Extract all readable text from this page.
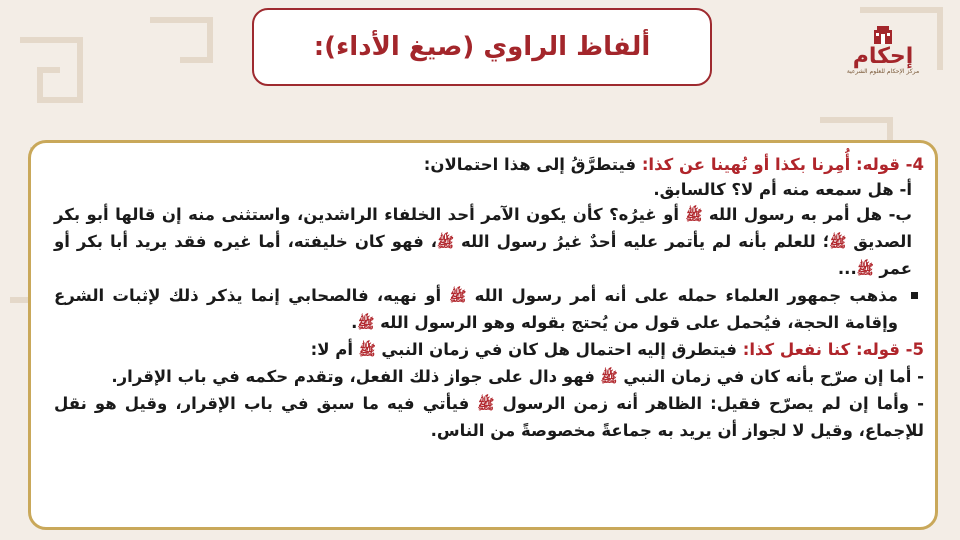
ألفاظ الراوي (صيغ الأداء):	إحكام
مركز الإحكام للعلوم الشرعية

4- قوله: أُمِرنا بكذا أو نُهينا عن كذا: فيتطرَّقُ إلى هذا احتمالان:

أ- هل سمعه منه أم لا؟ كالسابق.

ب- هل أمر به رسول الله ﷺ أو غيرُه؟ كأن يكون الآمر أحد الخلفاء الراشدين، واستثنى منه إن قالها أبو بكر الصديق ﷺ؛ للعلم بأنه لم يأتمر عليه أحدٌ غيرُ رسول الله ﷺ، فهو كان خليفته، أما غيره فقد يريد أبا بكر أو عمر ﷺ...

مذهب جمهور العلماء حمله على أنه أمر رسول الله ﷺ أو نهيه، فالصحابي إنما يذكر ذلك لإثبات الشرع وإقامة الحجة، فيُحمل على قول من يُحتج بقوله وهو الرسول الله ﷺ.

5- قوله: كنا نفعل كذا: فيتطرق إليه احتمال هل كان في زمان النبي ﷺ أم لا:

- أما إن صرّح بأنه كان في زمان النبي ﷺ فهو دال على جواز ذلك الفعل، وتقدم حكمه في باب الإقرار.

- وأما إن لم يصرّح فقيل: الظاهر أنه زمن الرسول ﷺ فيأتي فيه ما سبق في باب الإقرار، وقيل هو نقل للإجماع، وقيل لا لجواز أن يريد به جماعةً مخصوصةً من الناس.
